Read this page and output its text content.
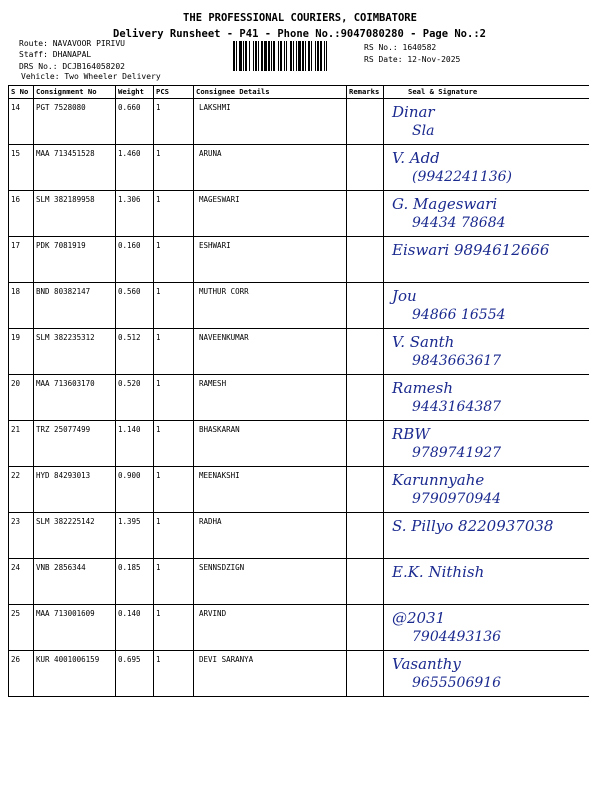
THE PROFESSIONAL COURIERS, COIMBATORE
Delivery Runsheet - P41 - Phone No.:9047080280 - Page No.:2
Route: NAVAVOOR PIRIVU
Staff: DHANAPAL
DRS No.: DCJB164058202
Vehicle: Two Wheeler Delivery
RS No.: 1640582
RS Date: 12-Nov-2025
S No	Consignment No	Weight	PCS	Consignee Details	Remarks	Seal & Signature
14	PGT 7528080	0.660	1	LAKSHMI		Dinar
Sla

15	MAA 713451528	1.460	1	ARUNA		V. Add
(9942241136)

16	SLM 382189958	1.306	1	MAGESWARI		G. Mageswari
94434 78684

17	PDK 7081919	0.160	1	ESHWARI		Eiswari 9894612666

18	BND 80382147	0.560	1	MUTHUR CORR		Jou
94866 16554

19	SLM 382235312	0.512	1	NAVEENKUMAR		V. Santh
9843663617

20	MAA 713603170	0.520	1	RAMESH		Ramesh
9443164387

21	TRZ 25077499	1.140	1	BHASKARAN		RBW
9789741927

22	HYD 84293013	0.900	1	MEENAKSHI		Karunnyahe
9790970944

23	SLM 382225142	1.395	1	RADHA		S. Pillyo 8220937038

24	VNB 2856344	0.185	1	SENNSDZIGN		E.K. Nithish

25	MAA 713001609	0.140	1	ARVIND		@2031
7904493136

26	KUR 4001006159	0.695	1	DEVI SARANYA		Vasanthy
9655506916
